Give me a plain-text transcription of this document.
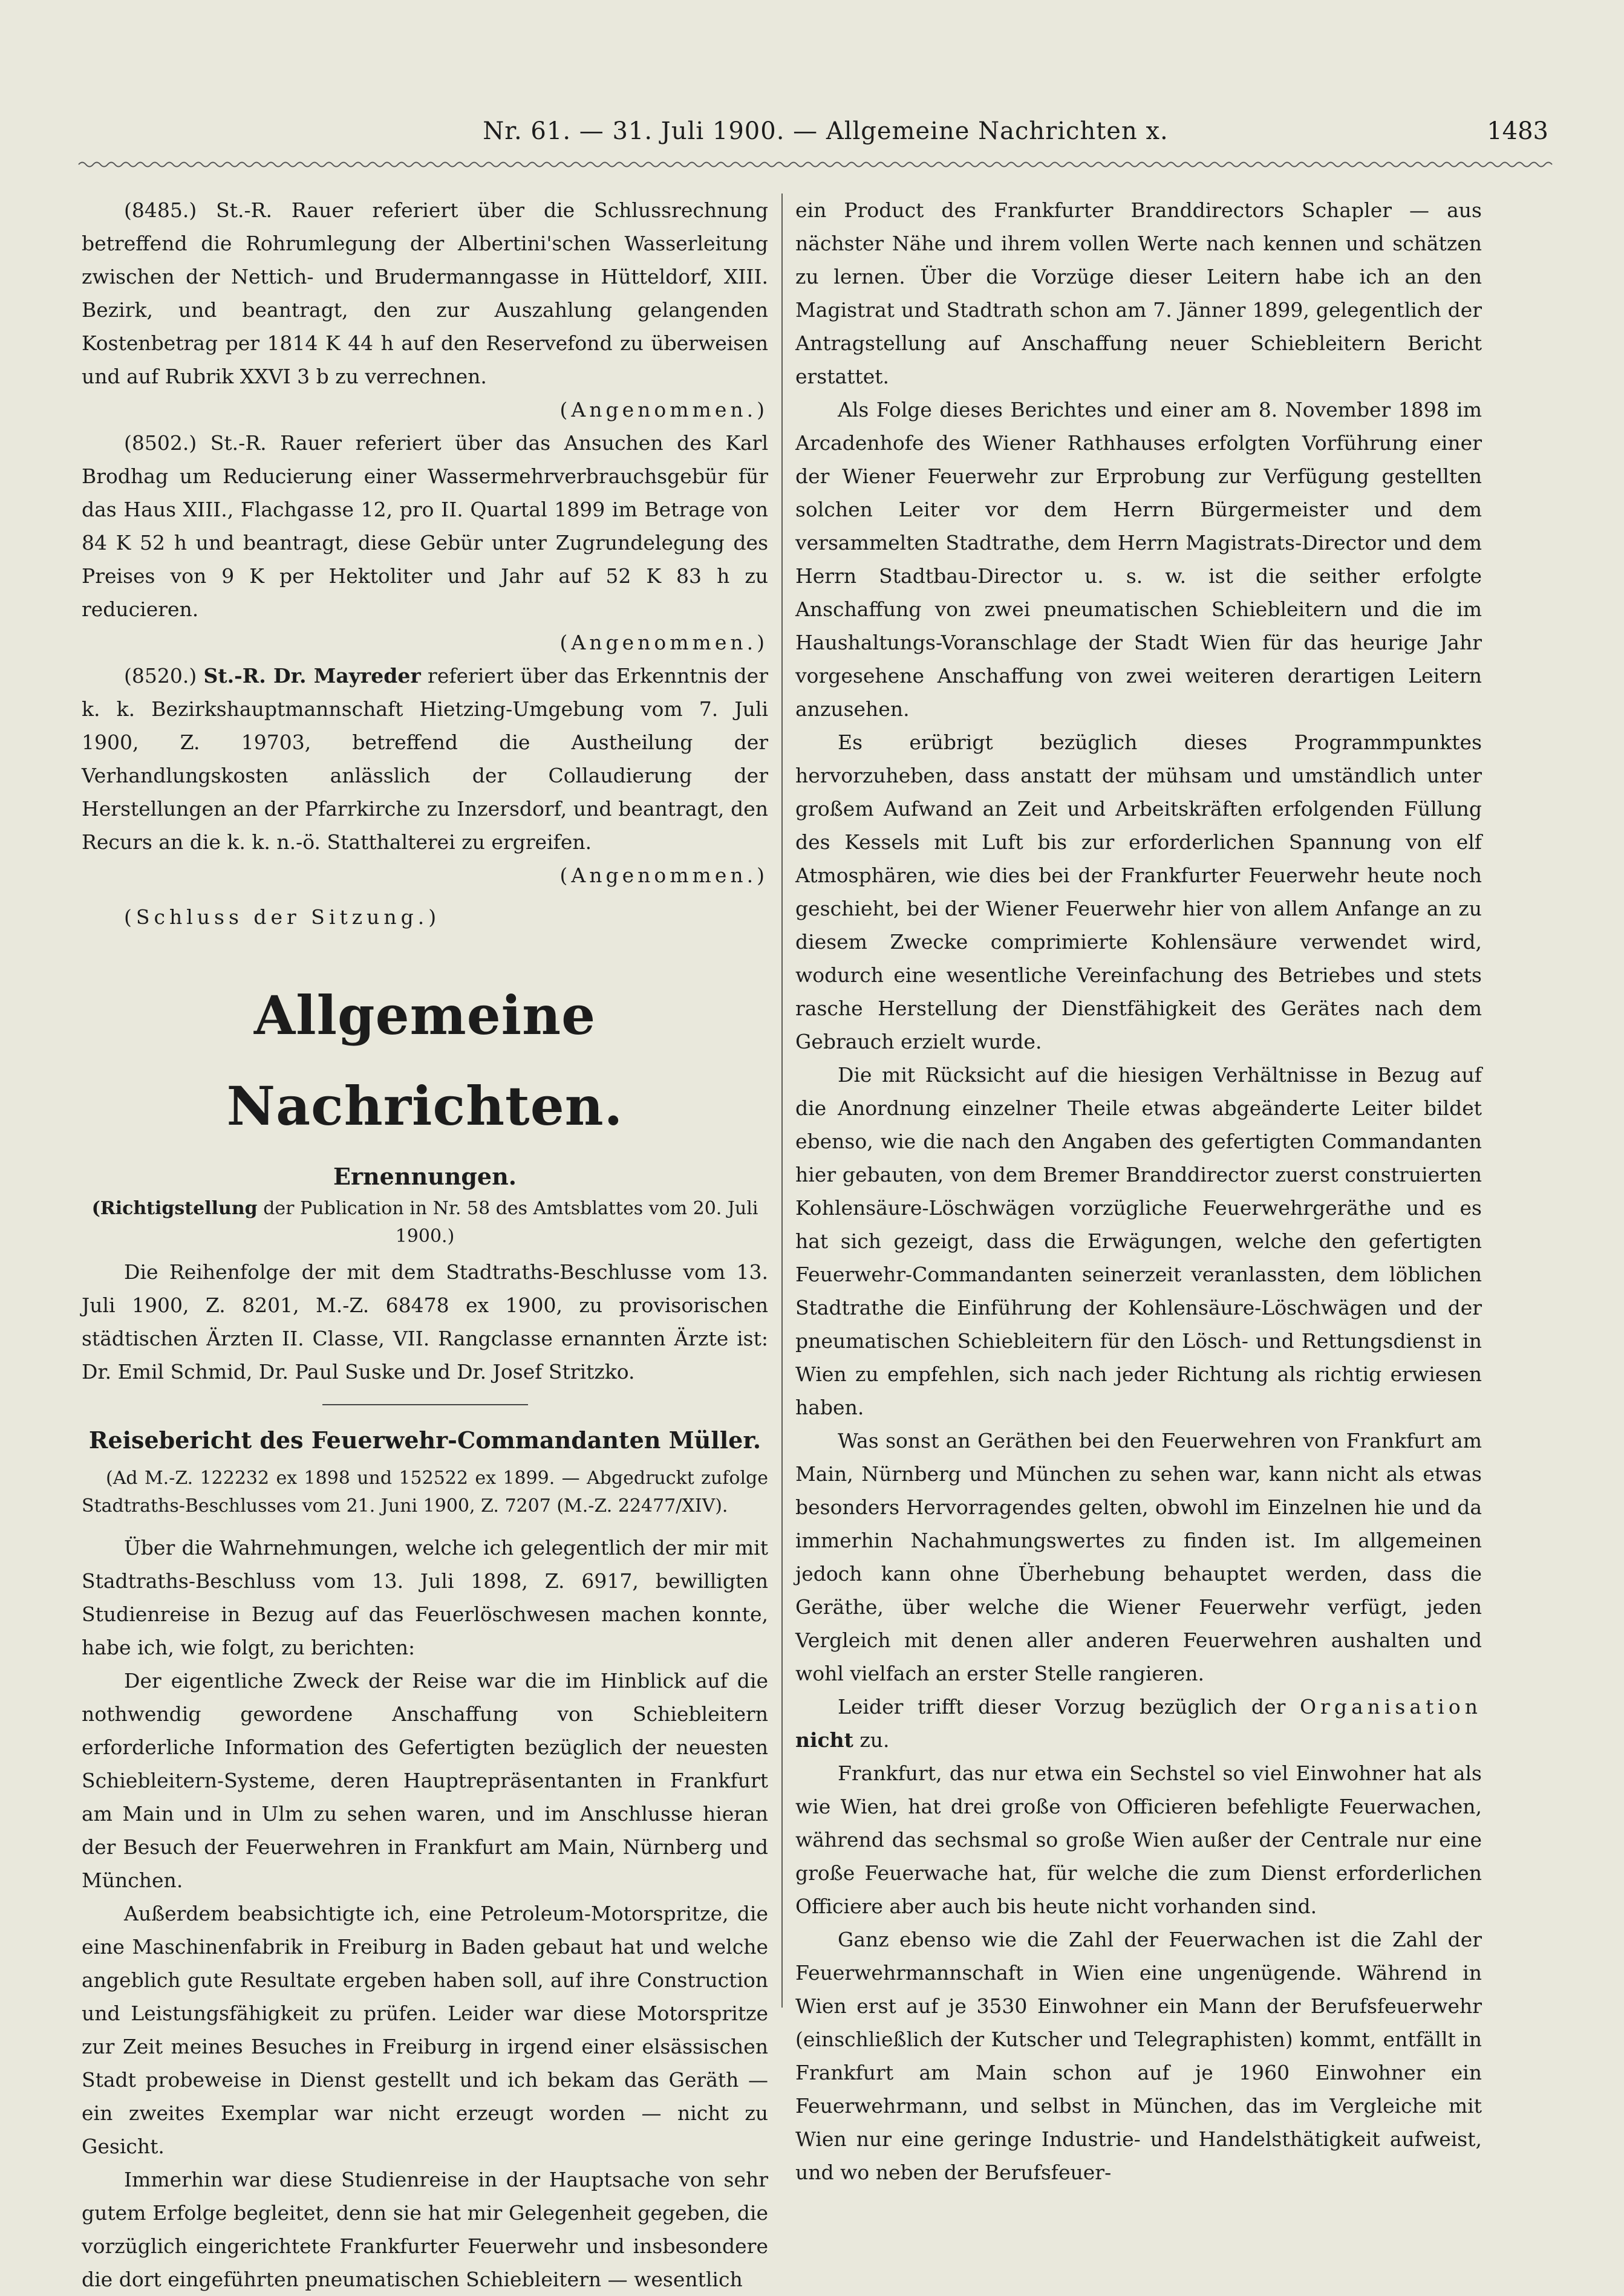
Nr. 61. — 31. Juli 1900. — Allgemeine Nachrichten x.	1483

(8485.) St.-R. Rauer referiert über die Schlussrechnung betreffend die Rohrumlegung der Albertini'schen Wasserleitung zwischen der Nettich- und Brudermanngasse in Hütteldorf, XIII. Bezirk, und beantragt, den zur Auszahlung gelangenden Kostenbetrag per 1814 K 44 h auf den Reservefond zu überweisen und auf Rubrik XXVI 3 b zu verrechnen.

(Angenommen.)

(8502.) St.-R. Rauer referiert über das Ansuchen des Karl Brodhag um Reducierung einer Wassermehrverbrauchsgebür für das Haus XIII., Flachgasse 12, pro II. Quartal 1899 im Betrage von 84 K 52 h und beantragt, diese Gebür unter Zugrundelegung des Preises von 9 K per Hektoliter und Jahr auf 52 K 83 h zu reducieren.

(Angenommen.)

(8520.) St.-R. Dr. Mayreder referiert über das Erkenntnis der k. k. Bezirkshauptmannschaft Hietzing-Umgebung vom 7. Juli 1900, Z. 19703, betreffend die Austheilung der Verhandlungskosten anlässlich der Collaudierung der Herstellungen an der Pfarrkirche zu Inzersdorf, und beantragt, den Recurs an die k. k. n.-ö. Statthalterei zu ergreifen.

(Angenommen.)

(Schluss der Sitzung.)

Allgemeine Nachrichten.
Ernennungen.
(Richtigstellung der Publication in Nr. 58 des Amtsblattes vom 20. Juli 1900.)

Die Reihenfolge der mit dem Stadtraths-Beschlusse vom 13. Juli 1900, Z. 8201, M.-Z. 68478 ex 1900, zu provisorischen städtischen Ärzten II. Classe, VII. Rangclasse ernannten Ärzte ist: Dr. Emil Schmid, Dr. Paul Suske und Dr. Josef Stritzko.

Reisebericht des Feuerwehr-Commandanten Müller.
(Ad M.-Z. 122232 ex 1898 und 152522 ex 1899. — Abgedruckt zufolge Stadtraths-Beschlusses vom 21. Juni 1900, Z. 7207 (M.-Z. 22477/XIV).

Über die Wahrnehmungen, welche ich gelegentlich der mir mit Stadtraths-Beschluss vom 13. Juli 1898, Z. 6917, bewilligten Studienreise in Bezug auf das Feuerlöschwesen machen konnte, habe ich, wie folgt, zu berichten:

Der eigentliche Zweck der Reise war die im Hinblick auf die nothwendig gewordene Anschaffung von Schiebleitern erforderliche Information des Gefertigten bezüglich der neuesten Schiebleitern-Systeme, deren Hauptrepräsentanten in Frankfurt am Main und in Ulm zu sehen waren, und im Anschlusse hieran der Besuch der Feuerwehren in Frankfurt am Main, Nürnberg und München.

Außerdem beabsichtigte ich, eine Petroleum-Motorspritze, die eine Maschinenfabrik in Freiburg in Baden gebaut hat und welche angeblich gute Resultate ergeben haben soll, auf ihre Construction und Leistungsfähigkeit zu prüfen. Leider war diese Motorspritze zur Zeit meines Besuches in Freiburg in irgend einer elsässischen Stadt probeweise in Dienst gestellt und ich bekam das Geräth — ein zweites Exemplar war nicht erzeugt worden — nicht zu Gesicht.

Immerhin war diese Studienreise in der Hauptsache von sehr gutem Erfolge begleitet, denn sie hat mir Gelegenheit gegeben, die vorzüglich eingerichtete Frankfurter Feuerwehr und insbesondere die dort eingeführten pneumatischen Schiebleitern — wesentlich

ein Product des Frankfurter Branddirectors Schapler — aus nächster Nähe und ihrem vollen Werte nach kennen und schätzen zu lernen. Über die Vorzüge dieser Leitern habe ich an den Magistrat und Stadtrath schon am 7. Jänner 1899, gelegentlich der Antragstellung auf Anschaffung neuer Schiebleitern Bericht erstattet.

Als Folge dieses Berichtes und einer am 8. November 1898 im Arcadenhofe des Wiener Rathhauses erfolgten Vorführung einer der Wiener Feuerwehr zur Erprobung zur Verfügung gestellten solchen Leiter vor dem Herrn Bürgermeister und dem versammelten Stadtrathe, dem Herrn Magistrats-Director und dem Herrn Stadtbau-Director u. s. w. ist die seither erfolgte Anschaffung von zwei pneumatischen Schiebleitern und die im Haushaltungs-Voranschlage der Stadt Wien für das heurige Jahr vorgesehene Anschaffung von zwei weiteren derartigen Leitern anzusehen.

Es erübrigt bezüglich dieses Programmpunktes hervorzuheben, dass anstatt der mühsam und umständlich unter großem Aufwand an Zeit und Arbeitskräften erfolgenden Füllung des Kessels mit Luft bis zur erforderlichen Spannung von elf Atmosphären, wie dies bei der Frankfurter Feuerwehr heute noch geschieht, bei der Wiener Feuerwehr hier von allem Anfange an zu diesem Zwecke comprimierte Kohlensäure verwendet wird, wodurch eine wesentliche Vereinfachung des Betriebes und stets rasche Herstellung der Dienstfähigkeit des Gerätes nach dem Gebrauch erzielt wurde.

Die mit Rücksicht auf die hiesigen Verhältnisse in Bezug auf die Anordnung einzelner Theile etwas abgeänderte Leiter bildet ebenso, wie die nach den Angaben des gefertigten Commandanten hier gebauten, von dem Bremer Branddirector zuerst construierten Kohlensäure-Löschwägen vorzügliche Feuerwehrgeräthe und es hat sich gezeigt, dass die Erwägungen, welche den gefertigten Feuerwehr-Commandanten seinerzeit veranlassten, dem löblichen Stadtrathe die Einführung der Kohlensäure-Löschwägen und der pneumatischen Schiebleitern für den Lösch- und Rettungsdienst in Wien zu empfehlen, sich nach jeder Richtung als richtig erwiesen haben.

Was sonst an Geräthen bei den Feuerwehren von Frankfurt am Main, Nürnberg und München zu sehen war, kann nicht als etwas besonders Hervorragendes gelten, obwohl im Einzelnen hie und da immerhin Nachahmungswertes zu finden ist. Im allgemeinen jedoch kann ohne Überhebung behauptet werden, dass die Geräthe, über welche die Wiener Feuerwehr verfügt, jeden Vergleich mit denen aller anderen Feuerwehren aushalten und wohl vielfach an erster Stelle rangieren.

Leider trifft dieser Vorzug bezüglich der Organisation nicht zu.

Frankfurt, das nur etwa ein Sechstel so viel Einwohner hat als wie Wien, hat drei große von Officieren befehligte Feuerwachen, während das sechsmal so große Wien außer der Centrale nur eine große Feuerwache hat, für welche die zum Dienst erforderlichen Officiere aber auch bis heute nicht vorhanden sind.

Ganz ebenso wie die Zahl der Feuerwachen ist die Zahl der Feuerwehrmannschaft in Wien eine ungenügende. Während in Wien erst auf je 3530 Einwohner ein Mann der Berufsfeuerwehr (einschließlich der Kutscher und Telegraphisten) kommt, entfällt in Frankfurt am Main schon auf je 1960 Einwohner ein Feuerwehrmann, und selbst in München, das im Vergleiche mit Wien nur eine geringe Industrie- und Handelsthätigkeit aufweist, und wo neben der Berufsfeuer-
